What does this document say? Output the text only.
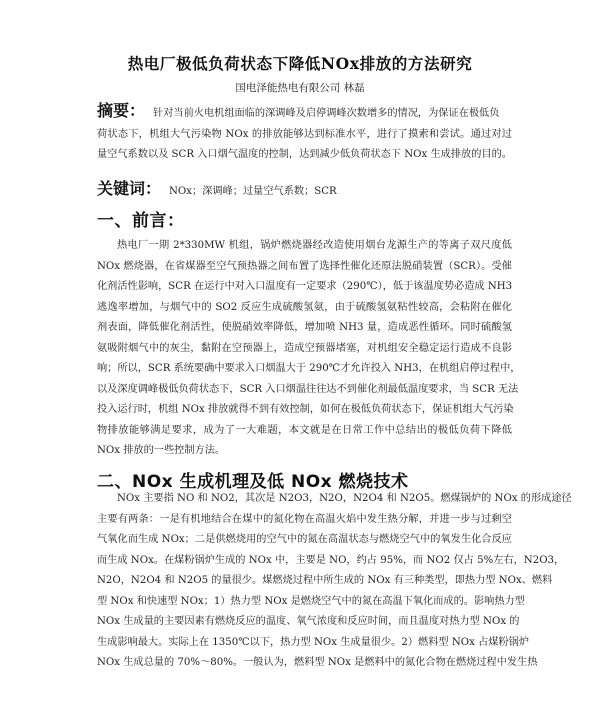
热电厂极低负荷状态下降低NOx排放的方法研究
国电泽能热电有限公司 林磊
摘要： 针对当前火电机组面临的深调峰及启停调峰次数增多的情况，为保证在极低负
荷状态下，机组大气污染物 NOx 的排放能够达到标准水平，进行了摸索和尝试。通过对过
量空气系数以及 SCR 入口烟气温度的控制，达到减少低负荷状态下 NOx 生成排放的目的。
关键词： NOx；深调峰；过量空气系数；SCR
一、前言：
热电厂一期 2*330MW 机组，锅炉燃烧器经改造使用烟台龙源生产的等离子双尺度低
NOx 燃烧器，在省煤器至空气预热器之间布置了选择性催化还原法脱硝装置（SCR）。受催
化剂活性影响，SCR 在运行中对入口温度有一定要求（290℃），低于该温度势必造成 NH3
逃逸率增加，与烟气中的 SO2 反应生成硫酸氢氨，由于硫酸氢氨粘性较高，会粘附在催化
剂表面，降低催化剂活性，使脱硝效率降低，增加喷 NH3 量，造成恶性循环。同时硫酸氢
氨吸附烟气中的灰尘，黏附在空预器上，造成空预器堵塞，对机组安全稳定运行造成不良影
响；所以，SCR 系统要确中要求入口烟温大于 290℃才允许投入 NH3，在机组启停过程中，
以及深度调峰极低负荷状态下，SCR 入口烟温往往达不到催化剂最低温度要求，当 SCR 无法
投入运行时，机组 NOx 排放就得不到有效控制，如何在极低负荷状态下，保证机组大气污染
物排放能够满足要求，成为了一大难题，本文就是在日常工作中总结出的极低负荷下降低
NOx 排放的一些控制方法。
二、NOx 生成机理及低 NOx 燃烧技术
NOx 主要指 NO 和 NO2，其次是 N2O3，N2O，N2O4 和 N2O5。燃煤锅炉的 NOx 的形成途径
主要有两条：一是有机地结合在煤中的氮化物在高温火焰中发生热分解，并进一步与过剩空
气氧化而生成 NOx；二是供燃烧用的空气中的氮在高温状态与燃烧空气中的氧发生化合反应
而生成 NOx。在煤粉锅炉生成的 NOx 中，主要是 NO，约占 95%，而 NO2 仅占 5%左右，N2O3，
N2O，N2O4 和 N2O5 的量很少。煤燃烧过程中所生成的 NOx 有三种类型，即热力型 NOx、燃料
型 NOx 和快速型 NOx；1）热力型 NOx 是燃烧空气中的氮在高温下氧化而成的。影响热力型
NOx 生成量的主要因素有燃烧反应的温度、氧气浓度和反应时间，而且温度对热力型 NOx 的
生成影响最大。实际上在 1350℃以下，热力型 NOx 生成量很少。2）燃料型 NOx 占煤粉锅炉
NOx 生成总量的 70%～80%。一般认为，燃料型 NOx 是燃料中的氮化合物在燃烧过程中发生热
